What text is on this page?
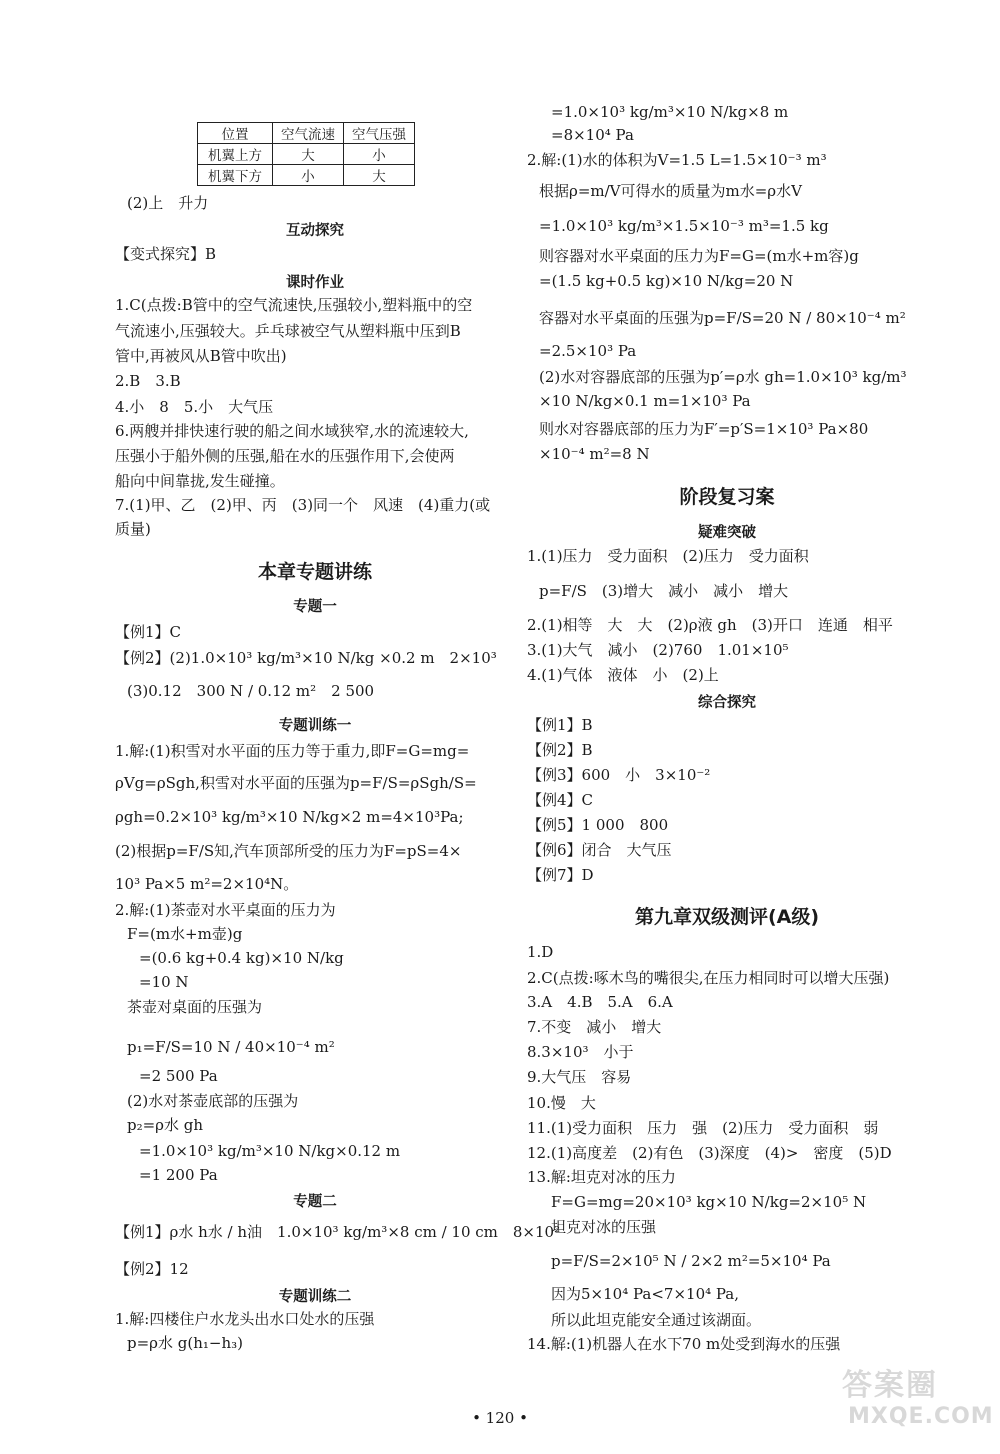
位置	空气流速	空气压强
机翼上方	大	小
机翼下方	小	大
(2)上　升力
互动探究
【变式探究】B
课时作业
1.C(点拨:B管中的空气流速快,压强较小,塑料瓶中的空
气流速小,压强较大。乒乓球被空气从塑料瓶中压到B
管中,再被风从B管中吹出)
2.B　3.B
4.小　8　5.小　大气压
6.两艘并排快速行驶的船之间水域狭窄,水的流速较大,
压强小于船外侧的压强,船在水的压强作用下,会使两
船向中间靠拢,发生碰撞。
7.(1)甲、乙　(2)甲、丙　(3)同一个　风速　(4)重力(或
质量)
本章专题讲练
专题一
【例1】C
【例2】(2)1.0×10³ kg/m³×10 N/kg ×0.2 m　2×10³
(3)0.12　300 N / 0.12 m²　2 500
专题训练一
1.解:(1)积雪对水平面的压力等于重力,即F=G=mg=
ρVg=ρSgh,积雪对水平面的压强为p=F/S=ρSgh/S=
ρgh=0.2×10³ kg/m³×10 N/kg×2 m=4×10³Pa;
(2)根据p=F/S知,汽车顶部所受的压力为F=pS=4×
10³ Pa×5 m²=2×10⁴N。
2.解:(1)茶壶对水平桌面的压力为
F=(m水+m壶)g
=(0.6 kg+0.4 kg)×10 N/kg
=10 N
茶壶对桌面的压强为
p₁=F/S=10 N / 40×10⁻⁴ m²
=2 500 Pa
(2)水对茶壶底部的压强为
p₂=ρ水 gh
=1.0×10³ kg/m³×10 N/kg×0.12 m
=1 200 Pa
专题二
【例1】ρ水 h水 / h油　1.0×10³ kg/m³×8 cm / 10 cm　8×10²
【例2】12
专题训练二
1.解:四楼住户水龙头出水口处水的压强
p=ρ水 g(h₁−h₃)
=1.0×10³ kg/m³×10 N/kg×8 m
=8×10⁴ Pa
2.解:(1)水的体积为V=1.5 L=1.5×10⁻³ m³
根据ρ=m/V可得水的质量为m水=ρ水V
=1.0×10³ kg/m³×1.5×10⁻³ m³=1.5 kg
则容器对水平桌面的压力为F=G=(m水+m容)g
=(1.5 kg+0.5 kg)×10 N/kg=20 N
容器对水平桌面的压强为p=F/S=20 N / 80×10⁻⁴ m²
=2.5×10³ Pa
(2)水对容器底部的压强为p′=ρ水 gh=1.0×10³ kg/m³
×10 N/kg×0.1 m=1×10³ Pa
则水对容器底部的压力为F′=p′S=1×10³ Pa×80
×10⁻⁴ m²=8 N
阶段复习案
疑难突破
1.(1)压力　受力面积　(2)压力　受力面积
p=F/S　(3)增大　减小　减小　增大
2.(1)相等　大　大　(2)ρ液 gh　(3)开口　连通　相平
3.(1)大气　减小　(2)760　1.01×10⁵
4.(1)气体　液体　小　(2)上
综合探究
【例1】B
【例2】B
【例3】600　小　3×10⁻²
【例4】C
【例5】1 000　800
【例6】闭合　大气压
【例7】D
第九章双级测评(A级)
1.D
2.C(点拨:啄木鸟的嘴很尖,在压力相同时可以增大压强)
3.A　4.B　5.A　6.A
7.不变　减小　增大
8.3×10³　小于
9.大气压　容易
10.慢　大
11.(1)受力面积　压力　强　(2)压力　受力面积　弱
12.(1)高度差　(2)有色　(3)深度　(4)>　密度　(5)D
13.解:坦克对冰的压力
F=G=mg=20×10³ kg×10 N/kg=2×10⁵ N
坦克对冰的压强
p=F/S=2×10⁵ N / 2×2 m²=5×10⁴ Pa
因为5×10⁴ Pa<7×10⁴ Pa,
所以此坦克能安全通过该湖面。
14.解:(1)机器人在水下70 m处受到海水的压强
• 120 •
答案圈
MXQE.COM
